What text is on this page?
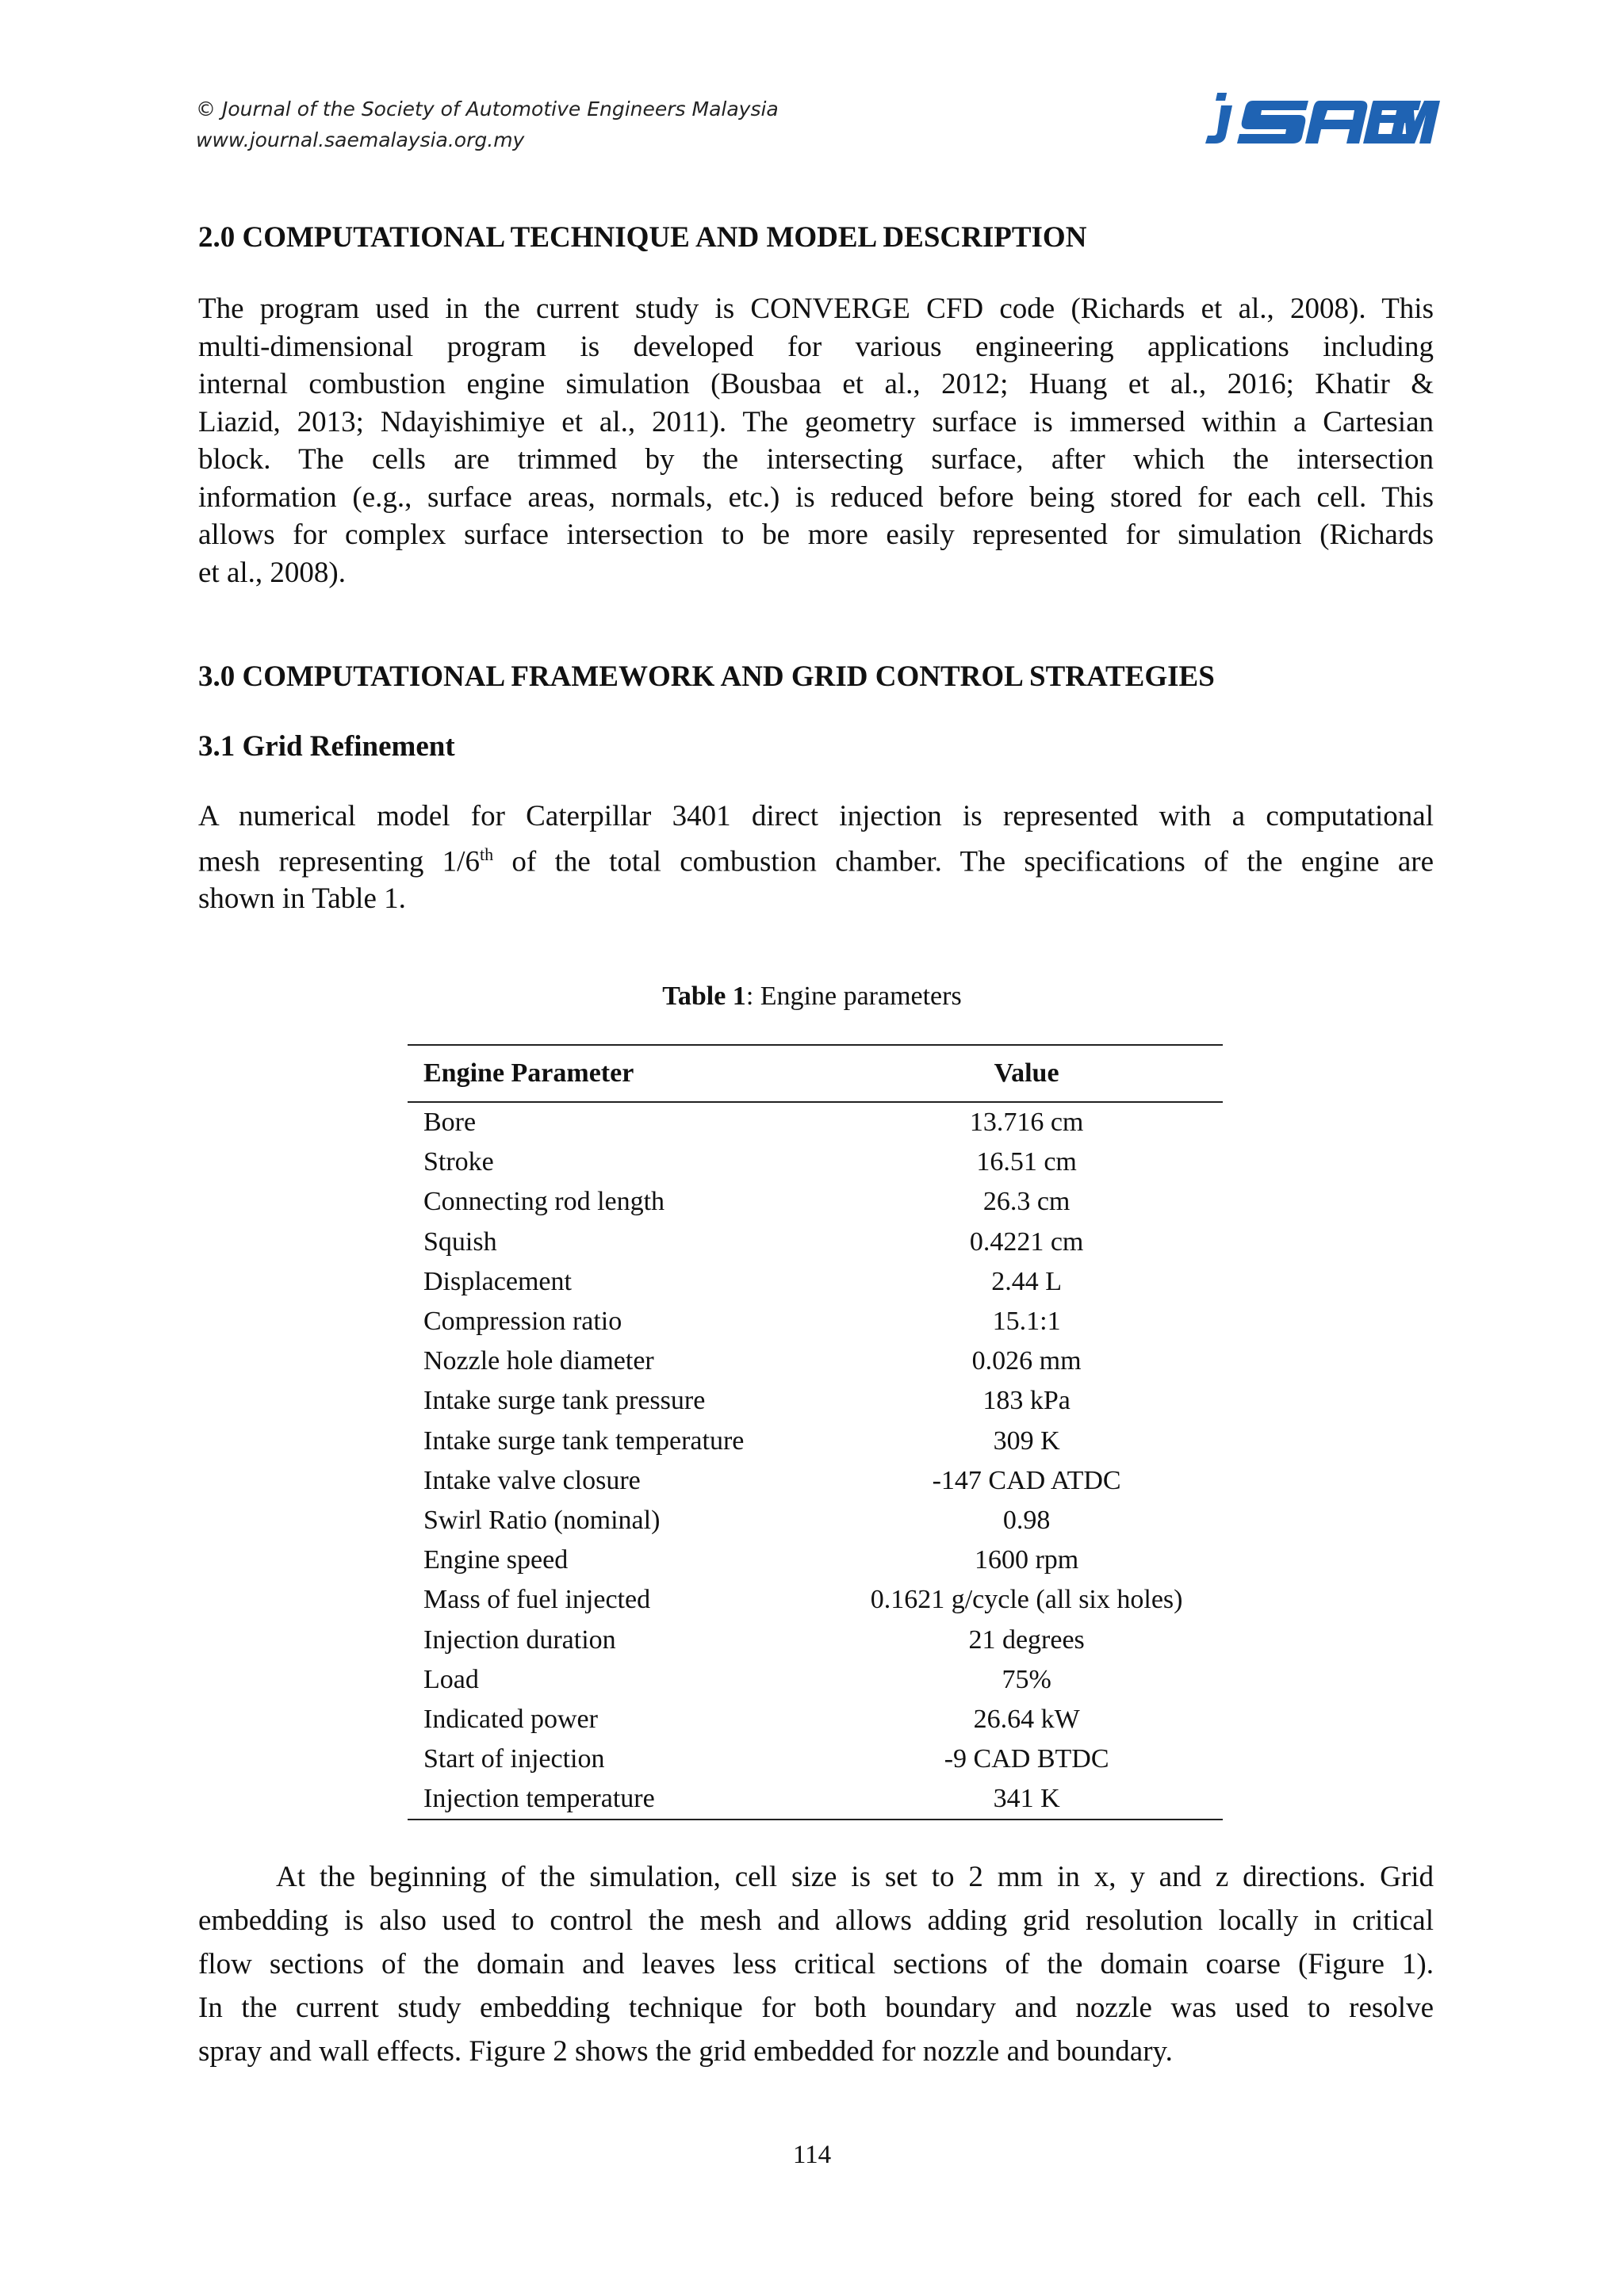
© Journal of the Society of Automotive Engineers Malaysia
www.journal.saemalaysia.org.my
2.0 COMPUTATIONAL TECHNIQUE AND MODEL DESCRIPTION
The program used in the current study is CONVERGE CFD code (Richards et al., 2008). This
multi-dimensional program is developed for various engineering applications including
internal combustion engine simulation (Bousbaa et al., 2012; Huang et al., 2016; Khatir &
Liazid, 2013; Ndayishimiye et al., 2011). The geometry surface is immersed within a Cartesian
block. The cells are trimmed by the intersecting surface, after which the intersection
information (e.g., surface areas, normals, etc.) is reduced before being stored for each cell. This
allows for complex surface intersection to be more easily represented for simulation (Richards
et al., 2008).
3.0 COMPUTATIONAL FRAMEWORK AND GRID CONTROL STRATEGIES
3.1 Grid Refinement
A numerical model for Caterpillar 3401 direct injection is represented with a computational
mesh representing 1/6th of the total combustion chamber. The specifications of the engine are
shown in Table 1.
Table 1: Engine parameters
Engine Parameter	Value
Bore	13.716 cm
Stroke	16.51 cm
Connecting rod length	26.3 cm
Squish	0.4221 cm
Displacement	2.44 L
Compression ratio	15.1:1
Nozzle hole diameter	0.026 mm
Intake surge tank pressure	183 kPa
Intake surge tank temperature	309 K
Intake valve closure	-147 CAD ATDC
Swirl Ratio (nominal)	0.98
Engine speed	1600 rpm
Mass of fuel injected	0.1621 g/cycle (all six holes)
Injection duration	21 degrees
Load	75%
Indicated power	26.64 kW
Start of injection	-9 CAD BTDC
Injection temperature	341 K
At the beginning of the simulation, cell size is set to 2 mm in x, y and z directions. Grid
embedding is also used to control the mesh and allows adding grid resolution locally in critical
flow sections of the domain and leaves less critical sections of the domain coarse (Figure 1).
In the current study embedding technique for both boundary and nozzle was used to resolve
spray and wall effects. Figure 2 shows the grid embedded for nozzle and boundary.
114
